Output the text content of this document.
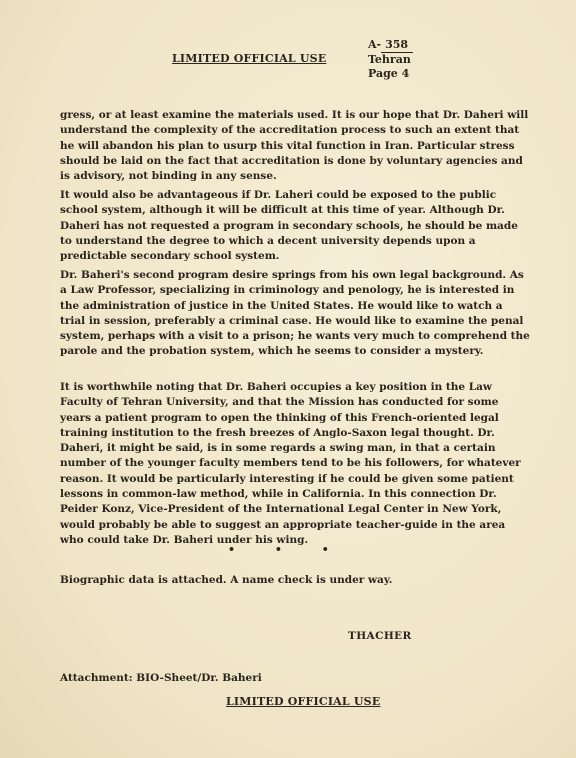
LIMITED OFFICIAL USE
A- 358
Tehran
Page 4

gress, or at least examine the materials used. It is our hope that Dr. Daheri will understand the complexity of the accreditation process to such an extent that he will abandon his plan to usurp this vital function in Iran. Particular stress should be laid on the fact that accreditation is done by voluntary agencies and is advisory, not binding in any sense.

It would also be advantageous if Dr. Laheri could be exposed to the public school system, although it will be difficult at this time of year. Although Dr. Daheri has not requested a program in secondary schools, he should be made to understand the degree to which a decent university depends upon a predictable secondary school system.

Dr. Baheri's second program desire springs from his own legal background. As a Law Professor, specializing in criminology and penology, he is interested in the administration of justice in the United States. He would like to watch a trial in session, preferably a criminal case. He would like to examine the penal system, perhaps with a visit to a prison; he wants very much to comprehend the parole and the probation system, which he seems to consider a mystery.

It is worthwhile noting that Dr. Baheri occupies a key position in the Law Faculty of Tehran University, and that the Mission has conducted for some years a patient program to open the thinking of this French-oriented legal training institution to the fresh breezes of Anglo-Saxon legal thought. Dr. Daheri, it might be said, is in some regards a swing man, in that a certain number of the younger faculty members tend to be his followers, for whatever reason. It would be particularly interesting if he could be given some patient lessons in common-law method, while in California. In this connection Dr. Peider Konz, Vice-President of the International Legal Center in New York, would probably be able to suggest an appropriate teacher-guide in the area who could take Dr. Baheri under his wing.

• • •

Biographic data is attached. A name check is under way.

THACHER
Attachment: BIO-Sheet/Dr. Baheri
LIMITED OFFICIAL USE
